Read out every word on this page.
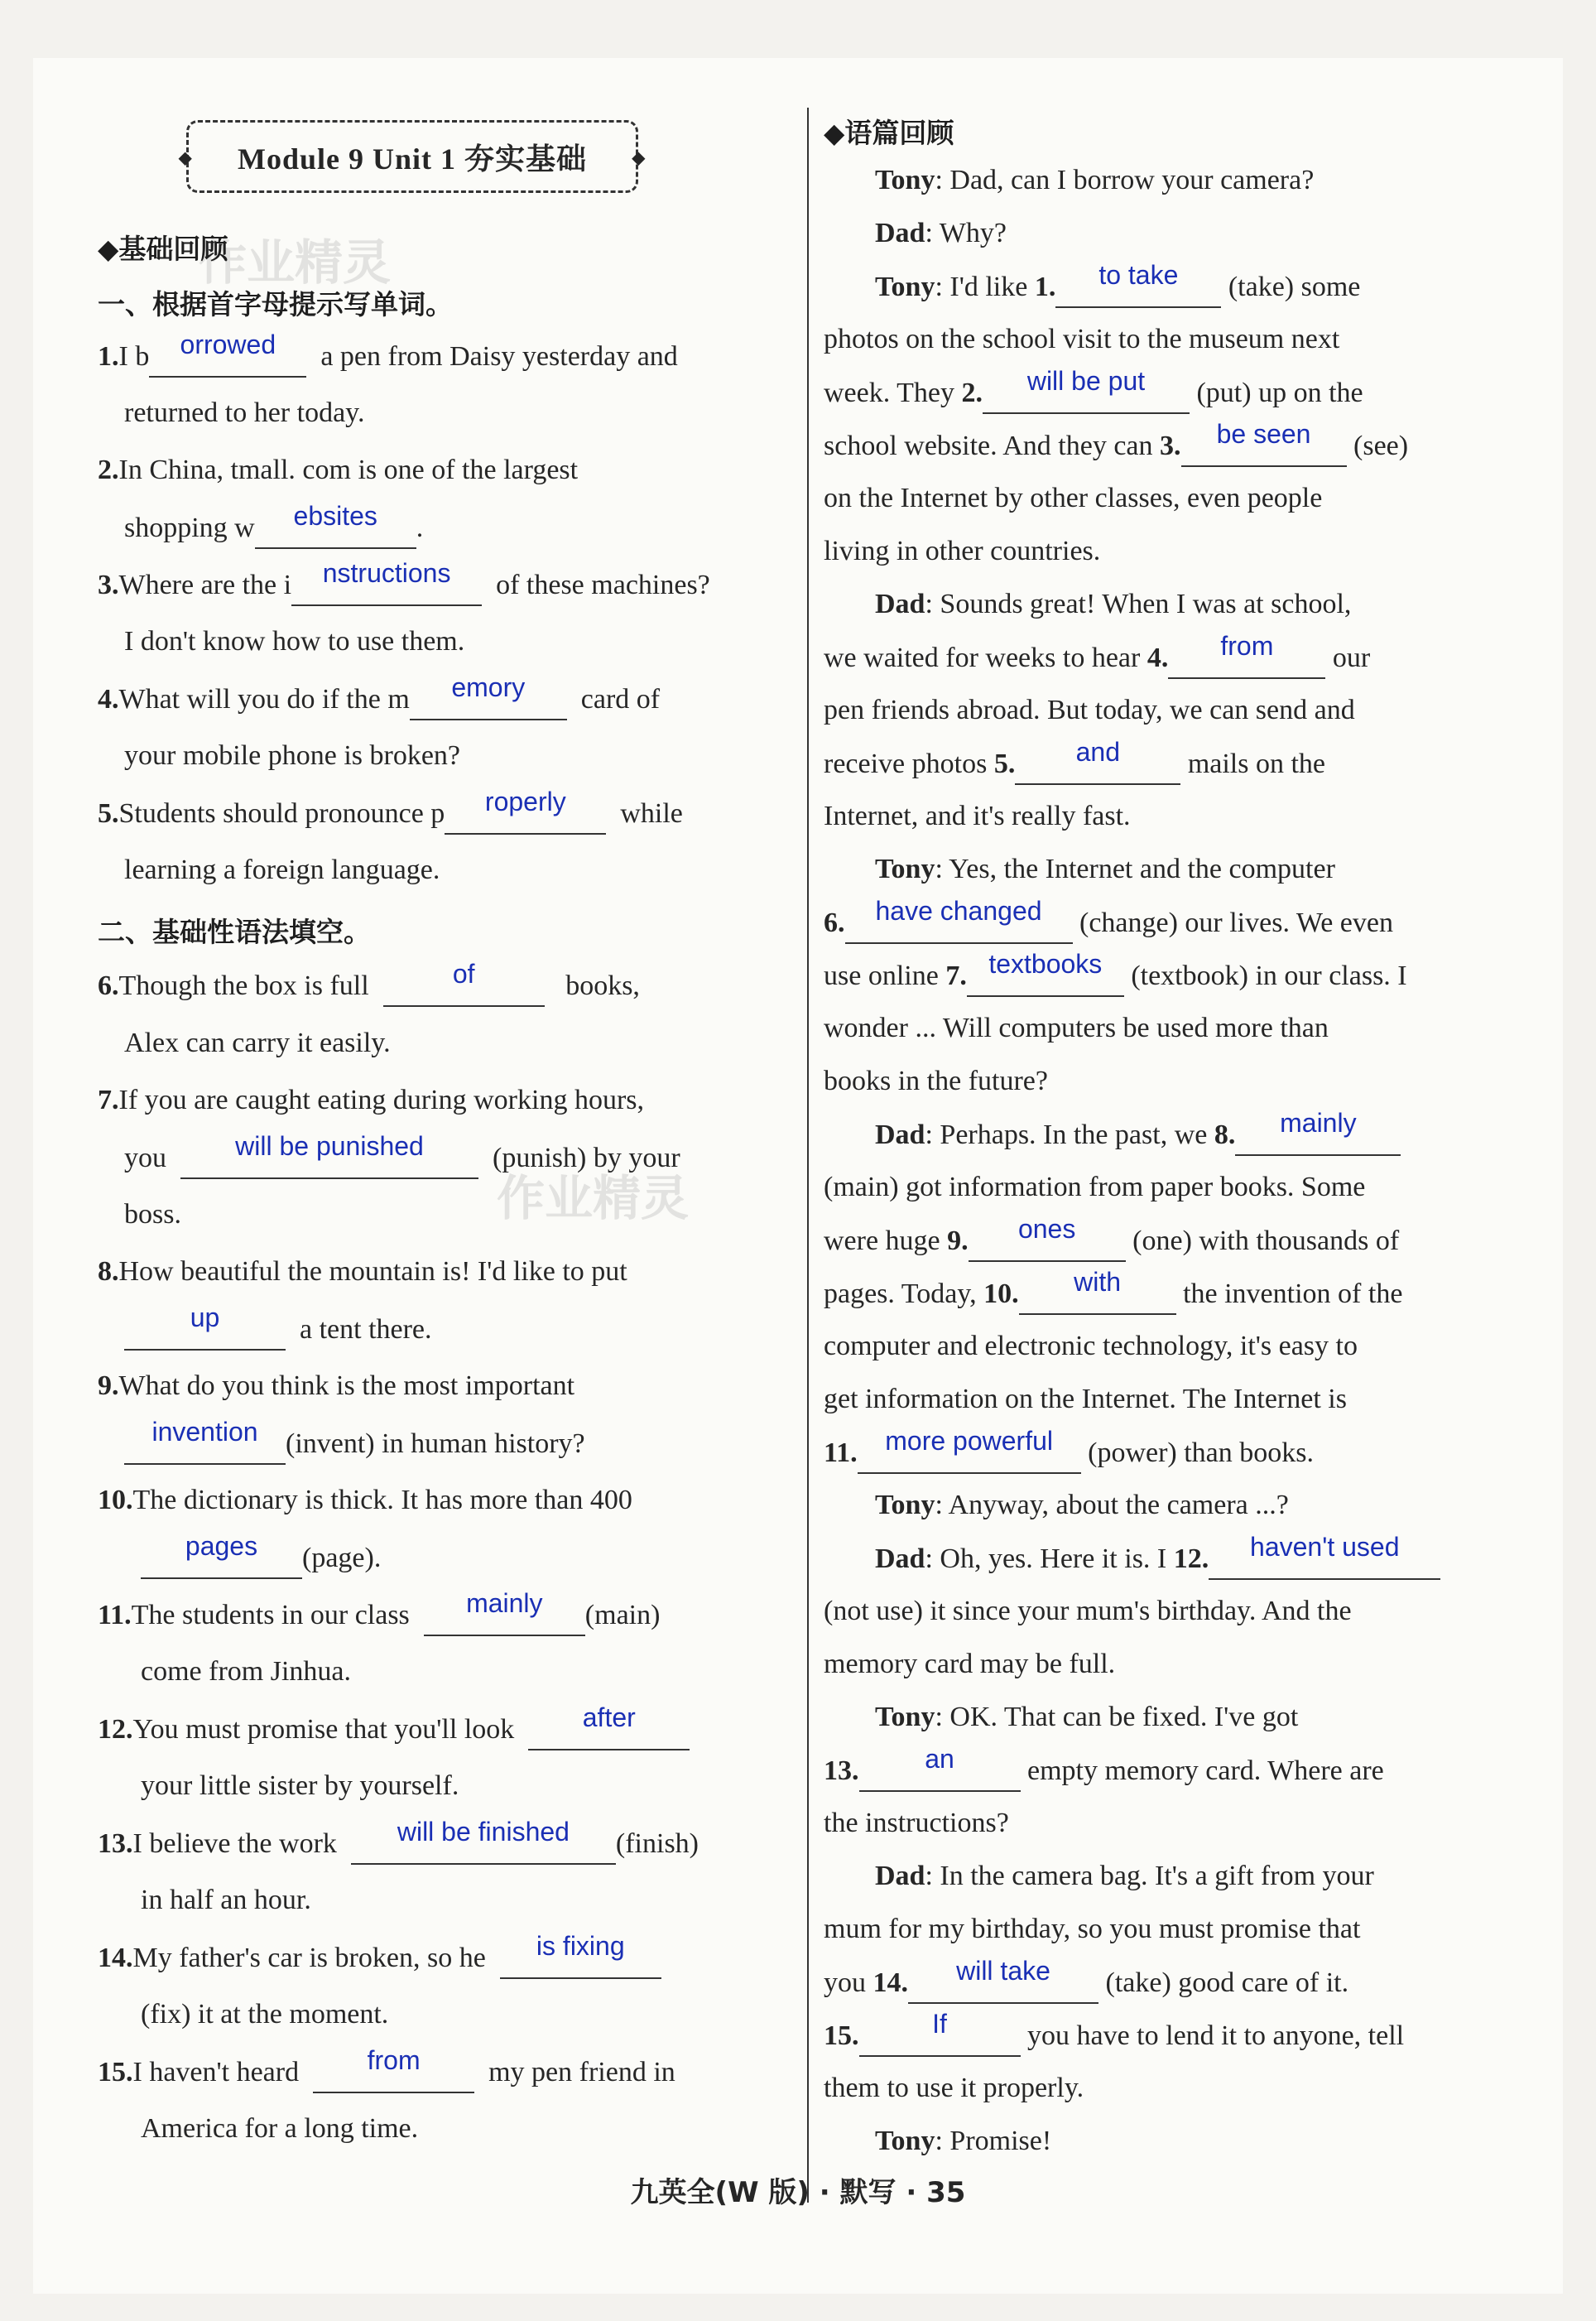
◆ Module 9 Unit 1 夯实基础	◆
作业精灵
作业精灵
◆基础回顾
一、根据首字母提示写单词。
1.I b orrowed a pen from Daisy yesterday and
returned to her today.
2.In China, tmall. com is one of the largest
shopping w ebsites .
3.Where are the i nstructions of these machines?
I don't know how to use them.
4.What will you do if the m emory card of
your mobile phone is broken?
5.Students should pronounce p roperly while
learning a foreign language.
二、基础性语法填空。
6.Though the box is full	of	books,
Alex can carry it easily.
7.If you are caught eating during working hours,
you	will be punished (punish) by your
boss.
8.How beautiful the mountain is! I'd like to put
up	a tent there.
9.What do you think is the most important
invention (invent) in human history?
10.The dictionary is thick. It has more than 400
pages (page).
11.The students in our class mainly (main)
come from Jinhua.
12.You must promise that you'll look	after
your little sister by yourself.
13.I believe the work will be finished (finish)
in half an hour.
14.My father's car is broken, so he is fixing
(fix) it at the moment.
15.I haven't heard	from my pen friend in
America for a long time.
◆语篇回顾
Tony: Dad, can I borrow your camera?
Dad: Why?
Tony: I'd like 1. to take (take) some
photos on the school visit to the museum next
week. They 2. will be put (put) up on the
school website. And they can 3. be seen (see)
on the Internet by other classes, even people
living in other countries.
Dad: Sounds great! When I was at school,
we waited for weeks to hear 4. from our
pen friends abroad. But today, we can send and
receive photos 5. and mails on the
Internet, and it's really fast.
Tony: Yes, the Internet and the computer
6. have changed (change) our lives. We even
use online 7. textbooks (textbook) in our class. I
wonder ... Will computers be used more than
books in the future?
Dad: Perhaps. In the past, we 8. mainly
(main) got information from paper books. Some
were huge 9. ones (one) with thousands of
pages. Today, 10. with the invention of the
computer and electronic technology, it's easy to
get information on the Internet. The Internet is
11. more powerful (power) than books.
Tony: Anyway, about the camera ...?
Dad: Oh, yes. Here it is. I 12. haven't used
(not use) it since your mum's birthday. And the
memory card may be full.
Tony: OK. That can be fixed. I've got
13. an empty memory card. Where are
the instructions?
Dad: In the camera bag. It's a gift from your
mum for my birthday, so you must promise that
you 14. will take (take) good care of it.
15.	If	you have to lend it to anyone, tell
them to use it properly.
Tony: Promise!
九英全(W 版) · 默写 · 35
